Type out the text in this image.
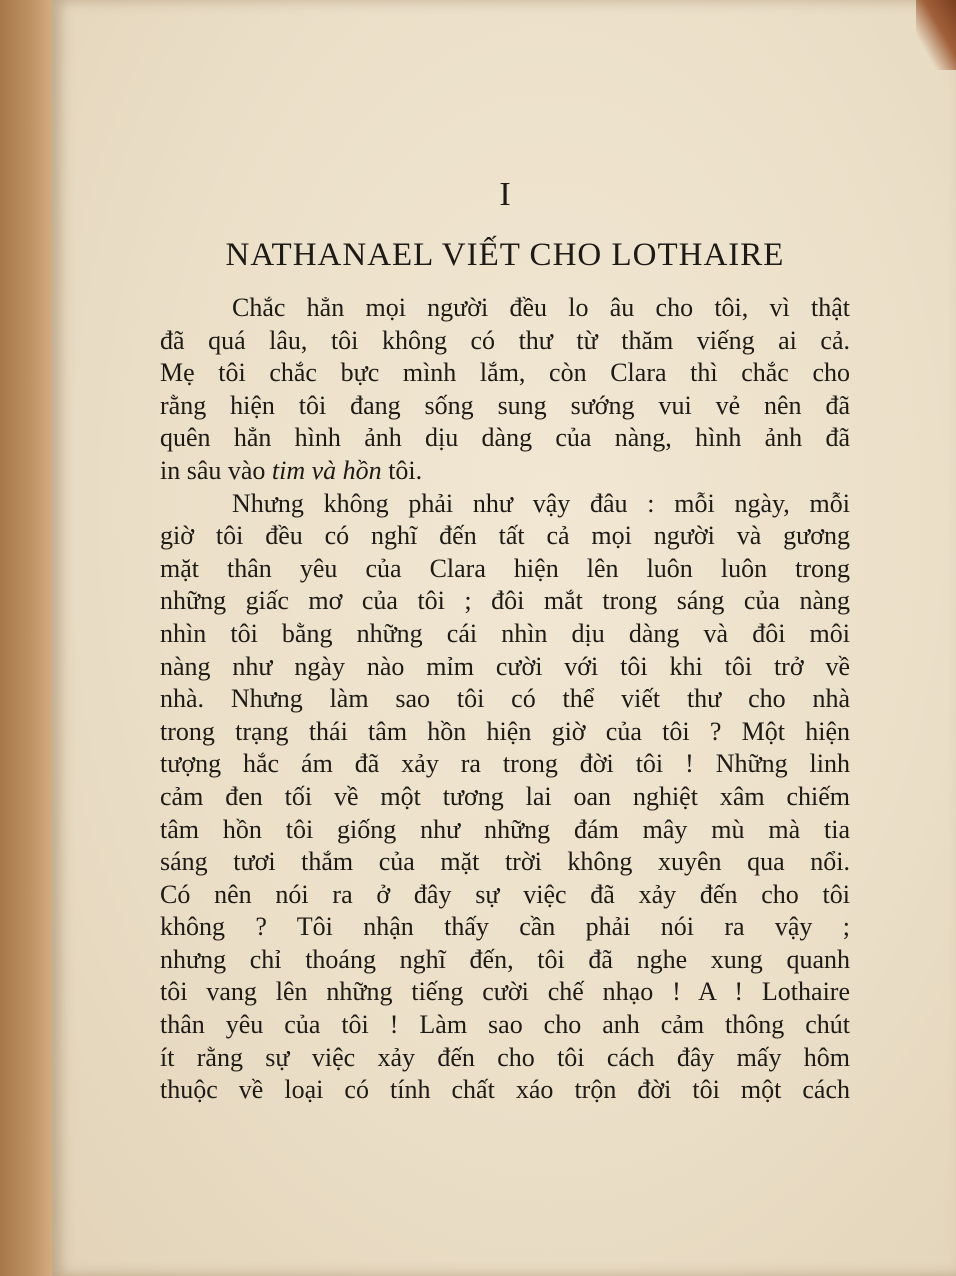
I
NATHANAEL VIẾT CHO LOTHAIRE
Chắc hẳn mọi người đều lo âu cho tôi, vì thật
đã quá lâu, tôi không có thư từ thăm viếng ai cả.
Mẹ tôi chắc bực mình lắm, còn Clara thì chắc cho
rằng hiện tôi đang sống sung sướng vui vẻ nên đã
quên hẳn hình ảnh dịu dàng của nàng, hình ảnh đã
in sâu vào tim và hồn tôi.
Nhưng không phải như vậy đâu : mỗi ngày, mỗi
giờ tôi đều có nghĩ đến tất cả mọi người và gương
mặt thân yêu của Clara hiện lên luôn luôn trong
những giấc mơ của tôi ; đôi mắt trong sáng của nàng
nhìn tôi bằng những cái nhìn dịu dàng và đôi môi
nàng như ngày nào mỉm cười với tôi khi tôi trở về
nhà. Nhưng làm sao tôi có thể viết thư cho nhà
trong trạng thái tâm hồn hiện giờ của tôi ? Một hiện
tượng hắc ám đã xảy ra trong đời tôi ! Những linh
cảm đen tối về một tương lai oan nghiệt xâm chiếm
tâm hồn tôi giống như những đám mây mù mà tia
sáng tươi thắm của mặt trời không xuyên qua nổi.
Có nên nói ra ở đây sự việc đã xảy đến cho tôi
không ? Tôi nhận thấy cần phải nói ra vậy ;
nhưng chỉ thoáng nghĩ đến, tôi đã nghe xung quanh
tôi vang lên những tiếng cười chế nhạo ! A ! Lothaire
thân yêu của tôi ! Làm sao cho anh cảm thông chút
ít rằng sự việc xảy đến cho tôi cách đây mấy hôm
thuộc về loại có tính chất xáo trộn đời tôi một cách
